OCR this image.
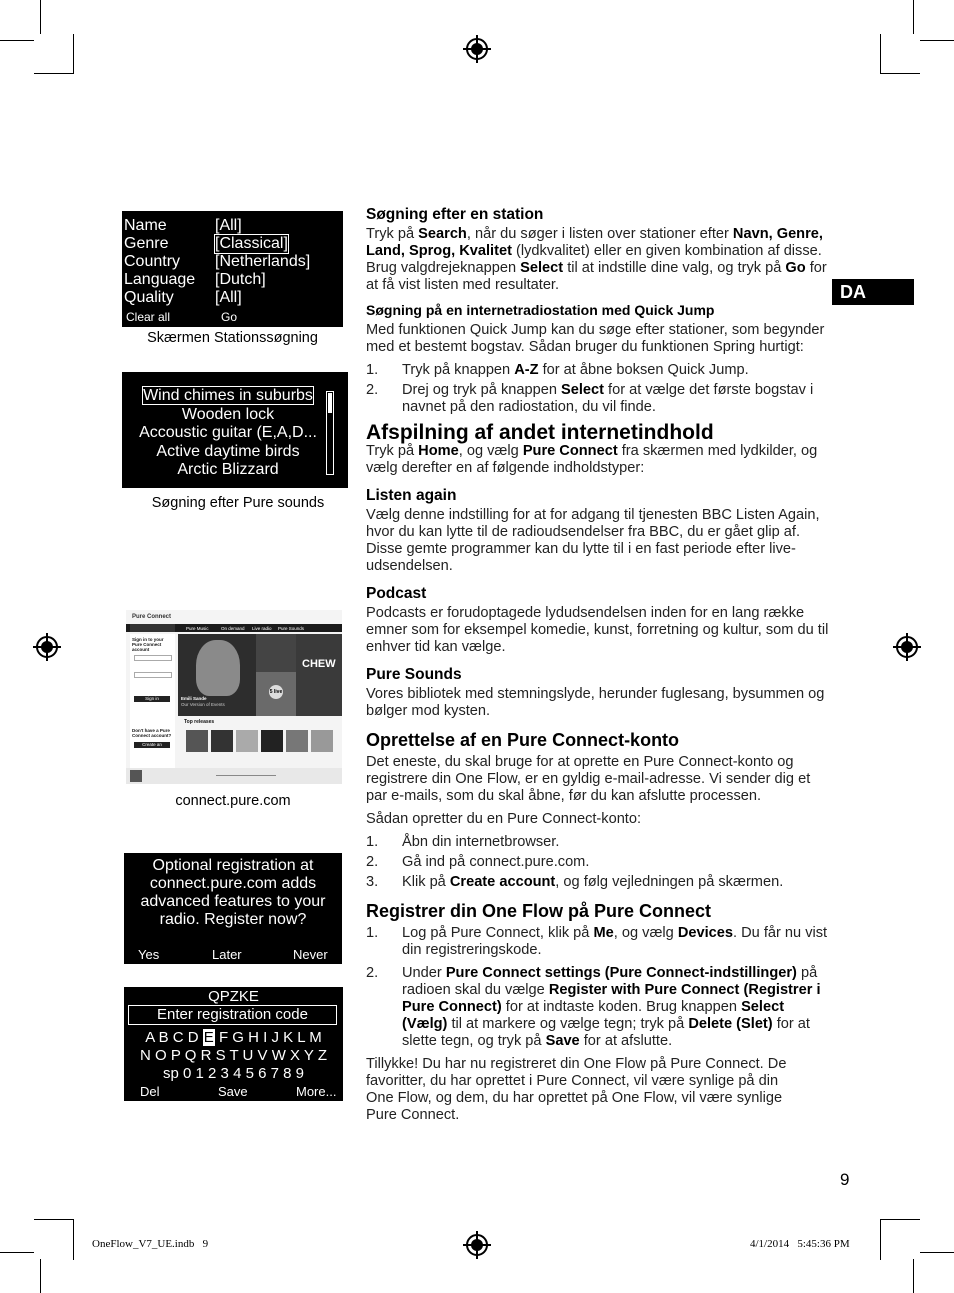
DA
Name	[All]
Genre	[Classical]
Country [Netherlands]
Language [Dutch]
Quality	[All]
Clear all	Go
Skærmen Stationssøgning
Wind chimes in suburbs
Wooden lock
Accoustic guitar (E,A,D...
Active daytime birds
Arctic Blizzard
Søgning efter Pure sounds
Pure Connect
Pure Music	On demand Live radio Pure Sounds
Sign in to your Pure Connect account
Sign in
Don't have a Pure Connect account?
Create an account
Emili Sande
Our Version of Events
5 live
CHEW
Top releases
connect.pure.com
Optional registration at connect.pure.com adds advanced features to your radio. Register now?
Yes	Later	Never
QPZKE
Enter registration code
A B C D E F G H I J K L M
N O P Q R S T U V W X Y Z
sp 0 1 2 3 4 5 6 7 8 9
Del	Save	More...
Søgning efter en station

Tryk på Search, når du søger i listen over stationer efter Navn, Genre, Land, Sprog, Kvalitet (lydkvalitet) eller en given kombination af disse. Brug valgdrejeknappen Select til at indstille dine valg, og tryk på Go for at få vist listen med resultater.

Søgning på en internetradiostation med Quick Jump

Med funktionen Quick Jump kan du søge efter stationer, som begynder med et bestemt bogstav. Sådan bruger du funktionen Spring hurtigt:

1. Tryk på knappen A-Z for at åbne boksen Quick Jump.
2. Drej og tryk på knappen Select for at vælge det første bogstav i navnet på den radiostation, du vil finde.
Afspilning af andet internetindhold

Tryk på Home, og vælg Pure Connect fra skærmen med lydkilder, og vælg derefter en af følgende indholdstyper:

Listen again

Vælg denne indstilling for at for adgang til tjenesten BBC Listen Again, hvor du kan lytte til de radioudsendelser fra BBC, du er gået glip af. Disse gemte programmer kan du lytte til i en fast periode efter live-udsendelsen.

Podcast

Podcasts er forudoptagede lydudsendelsen inden for en lang række emner som for eksempel komedie, kunst, forretning og kultur, som du til enhver tid kan vælge.

Pure Sounds

Vores bibliotek med stemningslyde, herunder fuglesang, bysummen og bølger mod kysten.

Oprettelse af en Pure Connect-konto

Det eneste, du skal bruge for at oprette en Pure Connect-konto og registrere din One Flow, er en gyldig e-mail-adresse. Vi sender dig et par e-mails, som du skal åbne, før du kan afslutte processen.

Sådan opretter du en Pure Connect-konto:

1. Åbn din internetbrowser.
2. Gå ind på connect.pure.com.
3. Klik på Create account, og følg vejledningen på skærmen.
Registrer din One Flow på Pure Connect
1. Log på Pure Connect, klik på Me, og vælg Devices. Du får nu vist din registreringskode.
2. Under Pure Connect settings (Pure Connect-indstillinger) på radioen skal du vælge Register with Pure Connect (Registrer i Pure Connect) for at indtaste koden. Brug knappen Select (Vælg) til at markere og vælge tegn; tryk på Delete (Slet) for at slette tegn, og tryk på Save for at afslutte.

Tillykke! Du har nu registreret din One Flow på Pure Connect. De favoritter, du har oprettet i Pure Connect, vil være synlige på din One Flow, og dem, du har oprettet på One Flow, vil være synlige Pure Connect.

9
OneFlow_V7_UE.indb   9	4/1/2014   5:45:36 PM
